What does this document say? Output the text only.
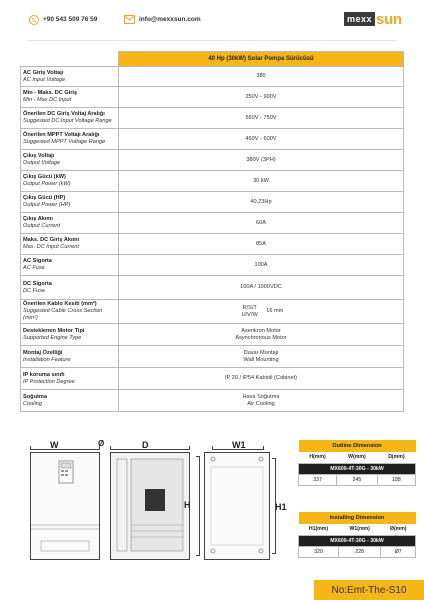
+90 543 509 76 59	info@mexxsun.com	mexx sun
	40 Hp (30kW) Solar Pompa Sürücüsü

AC Giriş Voltajı
AC Input Voltage	380

Min - Maks. DC Giriş
Min - Max DC Input	250V - 900V

Önerilen DC Giriş Voltaj Aralığı
Suggested DC Input Voltage Range	550V - 750V

Önerilen MPPT Voltajı Aralığı
Suggested MPPT Voltage Range	450V - 600V

Çıkış Voltajı
Output Voltage	380V (3PH)

Çıkış Gücü (kW)
Output Power (kW)	30 kW

Çıkış Gücü (HP)
Output Power (HP)	40,23Hp

Çıkış Akımı
Output Current	60A

Maks. DC Giriş Akımı
Max. DC Input Current	85A

AC Sigorta
AC Fuse	100A

DC Sigorta
DC Fuse	100A / 1000VDC

Önerilen Kablo Kesiti (mm²)
Suggested Cable Cross Section (mm²)	R/S/T U/V/W 16 mm

Desteklenen Motor Tipi
Supported Engine Type	Asenkron Motor
Asynchronous Motor

Montaj Özelliği
Installation Feature	Duvar Montajı
Wall Mounting

IP koruma sınıfı
IP Protection Degree	IP 20 / IP54 Kabinli (Cabinet)

Soğutma
Cooling	Hava Soğutma
Air Cooling
W	Ø	D	W1
H	H1
Outline Dimension		
H(mm)	W(mm)	D(mm)
MX600-4T-30G - 30kW		
337	245	188
Installing Dimension		
H1(mm)	W1(mm)	Ø(mm)
MX600-4T-30G - 30kW		
320	228	Ø7
No:Emt-The-S10
